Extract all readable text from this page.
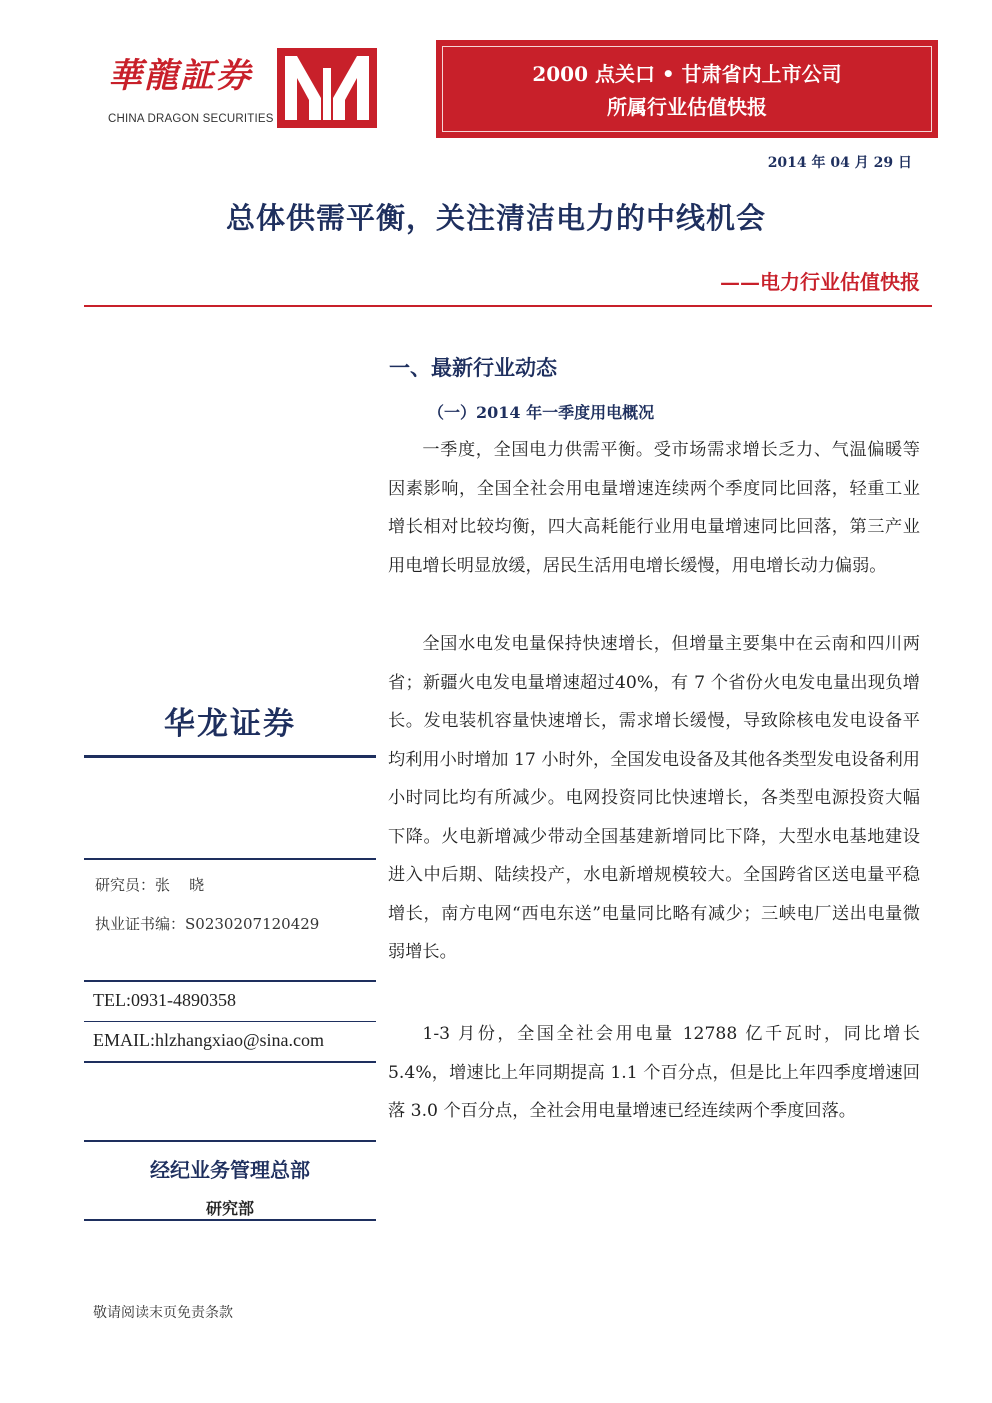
華龍証券
CHINA DRAGON SECURITIES
2000 点关口 • 甘肃省内上市公司
所属行业估值快报
2014 年 04 月 29 日
总体供需平衡，关注清洁电力的中线机会
——电力行业估值快报
华龙证券
研究员：张    晓
执业证书编：S0230207120429
TEL:0931-4890358
EMAIL:hlzhangxiao@sina.com
经纪业务管理总部
研究部
敬请阅读末页免责条款
一、最新行业动态
（一）2014 年一季度用电概况

一季度，全国电力供需平衡。受市场需求增长乏力、气温偏暖等因素影响，全国全社会用电量增速连续两个季度同比回落，轻重工业增长相对比较均衡，四大高耗能行业用电量增速同比回落，第三产业用电增长明显放缓，居民生活用电增长缓慢，用电增长动力偏弱。

全国水电发电量保持快速增长，但增量主要集中在云南和四川两省；新疆火电发电量增速超过40%，有 7 个省份火电发电量出现负增长。发电装机容量快速增长，需求增长缓慢，导致除核电发电设备平均利用小时增加 17 小时外，全国发电设备及其他各类型发电设备利用小时同比均有所减少。电网投资同比快速增长，各类型电源投资大幅下降。火电新增减少带动全国基建新增同比下降，大型水电基地建设进入中后期、陆续投产，水电新增规模较大。全国跨省区送电量平稳增长，南方电网“西电东送”电量同比略有减少；三峡电厂送出电量微弱增长。

1-3 月份，全国全社会用电量 12788 亿千瓦时，同比增长 5.4%，增速比上年同期提高 1.1 个百分点，但是比上年四季度增速回落 3.0 个百分点，全社会用电量增速已经连续两个季度回落。
